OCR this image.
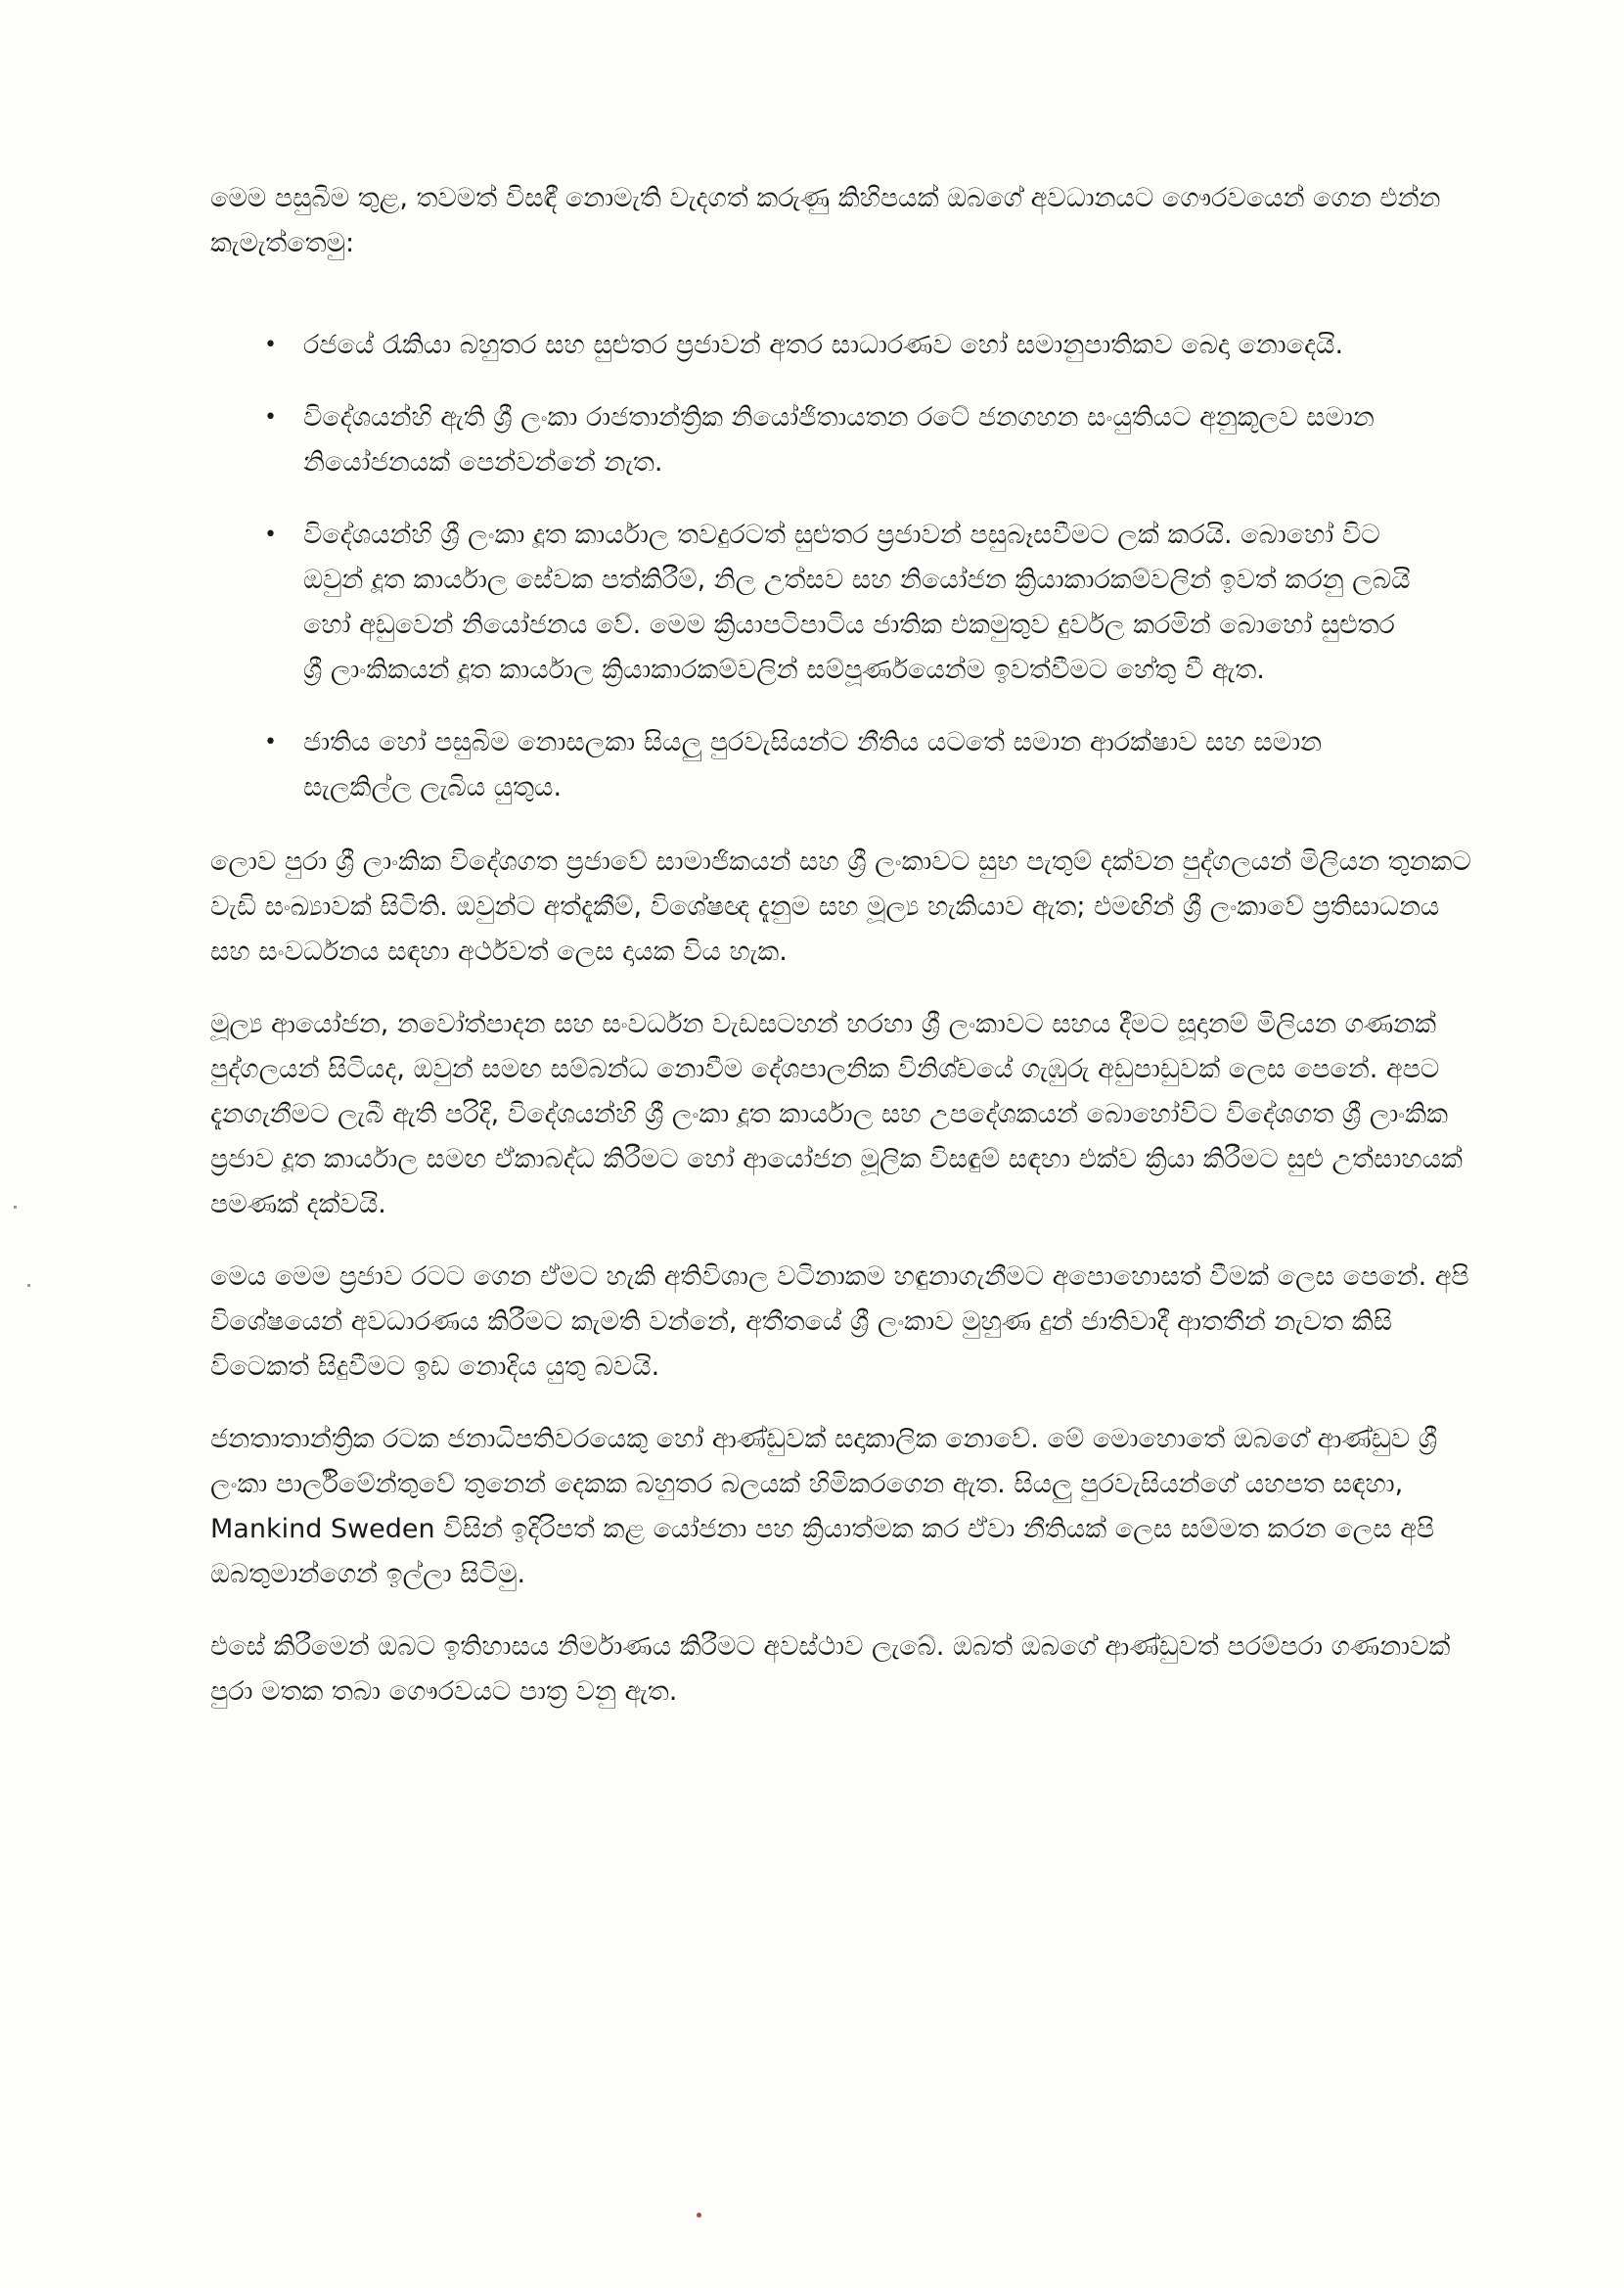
මෙම පසුබිම තුළ, තවමත් විසඳී නොමැති වැදගත් කරුණු කිහිපයක් ඔබගේ අවධානයට ගෞරවයෙන් ගෙන එන්න කැමැත්තෙමු:

• රජයේ රැකියා බහුතර සහ සුළුතර ප්‍රජාවන් අතර සාධාරණව හෝ සමානුපාතිකව බෙදා නොදෙයි.
• විදේශයන්හි ඇති ශ්‍රී ලංකා රාජතාන්ත්‍රික නියෝජිතායතන රටේ ජනගහන සංයුතියට අනුකූලව සමාන නියෝජනයක් පෙන්වන්නේ නැත.
• විදේශයන්හි ශ්‍රී ලංකා දූත කාර්යාල තවදුරටත් සුළුතර ප්‍රජාවන් පසුබෑසවීමට ලක් කරයි. බොහෝ විට ඔවුන් දූත කාර්යාල සේවක පත්කිරීම්, නිල උත්සව සහ නියෝජන ක්‍රියාකාරකම්වලින් ඉවත් කරනු ලබයි හෝ අඩුවෙන් නියෝජනය වේ. මෙම ක්‍රියාපටිපාටිය ජාතික එකමුතුව දුර්වල කරමින් බොහෝ සුළුතර ශ්‍රී ලාංකිකයන් දූත කාර්යාල ක්‍රියාකාරකම්වලින් සම්පූර්ණයෙන්ම ඉවත්වීමට හේතු වී ඇත.
• ජාතිය හෝ පසුබිම නොසලකා සියලු පුරවැසියන්ට නීතිය යටතේ සමාන ආරක්ෂාව සහ සමාන සැලකිල්ල ලැබිය යුතුය.

ලොව පුරා ශ්‍රී ලාංකික විදේශගත ප්‍රජාවේ සාමාජිකයන් සහ ශ්‍රී ලංකාවට සුභ පැතුම් දක්වන පුද්ගලයන් මිලියන තුනකට වැඩි සංඛ්‍යාවක් සිටිති. ඔවුන්ට අත්දැකීම්, විශේෂඥ දැනුම සහ මූල්‍ය හැකියාව ඇත; එමඟින් ශ්‍රී ලංකාවේ ප්‍රතිසාධනය සහ සංවර්ධනය සඳහා අර්ථවත් ලෙස දායක විය හැක.

මූල්‍ය ආයෝජන, නවෝත්පාදන සහ සංවර්ධන වැඩසටහන් හරහා ශ්‍රී ලංකාවට සහය දීමට සූදානම් මිලියන ගණනක් පුද්ගලයන් සිටියද, ඔවුන් සමඟ සම්බන්ධ නොවීම දේශපාලනික විනිශ්චයේ ගැඹුරු අඩුපාඩුවක් ලෙස පෙනේ. අපට දැනගැනීමට ලැබී ඇති පරිදි, විදේශයන්හි ශ්‍රී ලංකා දූත කාර්යාල සහ උපදේශකයන් බොහෝවිට විදේශගත ශ්‍රී ලාංකික ප්‍රජාව දූත කාර්යාල සමඟ ඒකාබද්ධ කිරීමට හෝ ආයෝජන මූලික විසඳුම් සඳහා එක්ව ක්‍රියා කිරීමට සුළු උත්සාහයක් පමණක් දක්වයි.

මෙය මෙම ප්‍රජාව රටට ගෙන ඒමට හැකි අතිවිශාල වටිනාකම හඳුනාගැනීමට අපොහොසත් වීමක් ලෙස පෙනේ. අපි විශේෂයෙන් අවධාරණය කිරීමට කැමති වන්නේ, අතීතයේ ශ්‍රී ලංකාව මුහුණ දුන් ජාතිවාදී ආතතීන් නැවත කිසි විටෙකත් සිදුවීමට ඉඩ නොදිය යුතු බවයි.

ජනතාතාන්ත්‍රික රටක ජනාධිපතිවරයෙකු හෝ ආණ්ඩුවක් සදාකාලික නොවේ. මේ මොහොතේ ඔබගේ ආණ්ඩුව ශ්‍රී ලංකා පාර්ලිමේන්තුවේ තුනෙන් දෙකක බහුතර බලයක් හිමිකරගෙන ඇත. සියලු පුරවැසියන්ගේ යහපත සඳහා, Mankind Sweden විසින් ඉදිරිපත් කළ යෝජනා පහ ක්‍රියාත්මක කර ඒවා නීතියක් ලෙස සම්මත කරන ලෙස අපි ඔබතුමාන්ගෙන් ඉල්ලා සිටිමු.

එසේ කිරීමෙන් ඔබට ඉතිහාසය නිර්මාණය කිරීමට අවස්ථාව ලැබේ. ඔබත් ඔබගේ ආණ්ඩුවත් පරම්පරා ගණනාවක් පුරා මතක තබා ගෞරවයට පාත්‍ර වනු ඇත.
